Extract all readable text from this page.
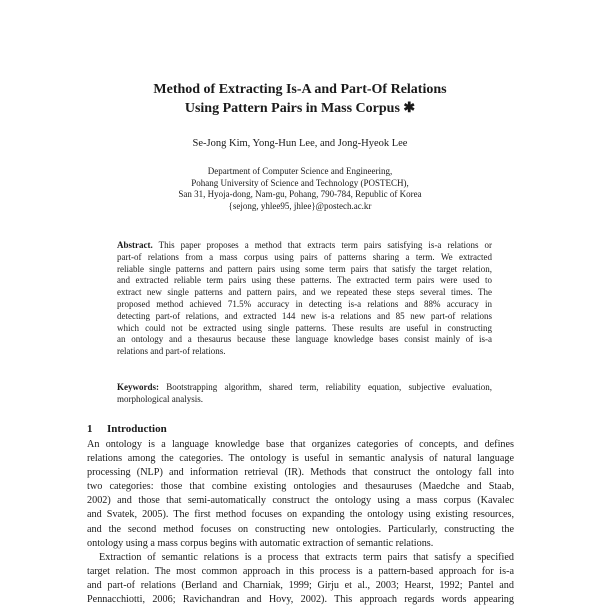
Method of Extracting Is-A and Part-Of Relations
Using Pattern Pairs in Mass Corpus ✱
Se-Jong Kim, Yong-Hun Lee, and Jong-Hyeok Lee
Department of Computer Science and Engineering,
Pohang University of Science and Technology (POSTECH),
San 31, Hyoja-dong, Nam-gu, Pohang, 790-784, Republic of Korea
{sejong, yhlee95, jhlee}@postech.ac.kr
Abstract. This paper proposes a method that extracts term pairs satisfying is-a relations or
part-of relations from a mass corpus using pairs of patterns sharing a term. We extracted
reliable single patterns and pattern pairs using some term pairs that satisfy the target relation,
and extracted reliable term pairs using these patterns. The extracted term pairs were used to
extract new single patterns and pattern pairs, and we repeated these steps several times. The
proposed method achieved 71.5% accuracy in detecting is-a relations and 88% accuracy in
detecting part-of relations, and extracted 144 new is-a relations and 85 new part-of relations
which could not be extracted using single patterns. These results are useful in constructing
an ontology and a thesaurus because these language knowledge bases consist mainly of is-a
relations and part-of relations.
Keywords: Bootstrapping algorithm, shared term, reliability equation, subjective evaluation,
morphological analysis.
1 Introduction
An ontology is a language knowledge base that organizes categories of concepts, and defines
relations among the categories. The ontology is useful in semantic analysis of natural language
processing (NLP) and information retrieval (IR). Methods that construct the ontology fall into
two categories: those that combine existing ontologies and thesauruses (Maedche and Staab,
2002) and those that semi-automatically construct the ontology using a mass corpus (Kavalec
and Svatek, 2005). The first method focuses on expanding the ontology using existing resources,
and the second method focuses on constructing new ontologies. Particularly, constructing the
ontology using a mass corpus begins with automatic extraction of semantic relations.
Extraction of semantic relations is a process that extracts term pairs that satisfy a specified
target relation. The most common approach in this process is a pattern-based approach for is-a
and part-of relations (Berland and Charniak, 1999; Girju et al., 2003; Hearst, 1992; Pantel and
Pennacchiotti, 2006; Ravichandran and Hovy, 2002). This approach regards words appearing
